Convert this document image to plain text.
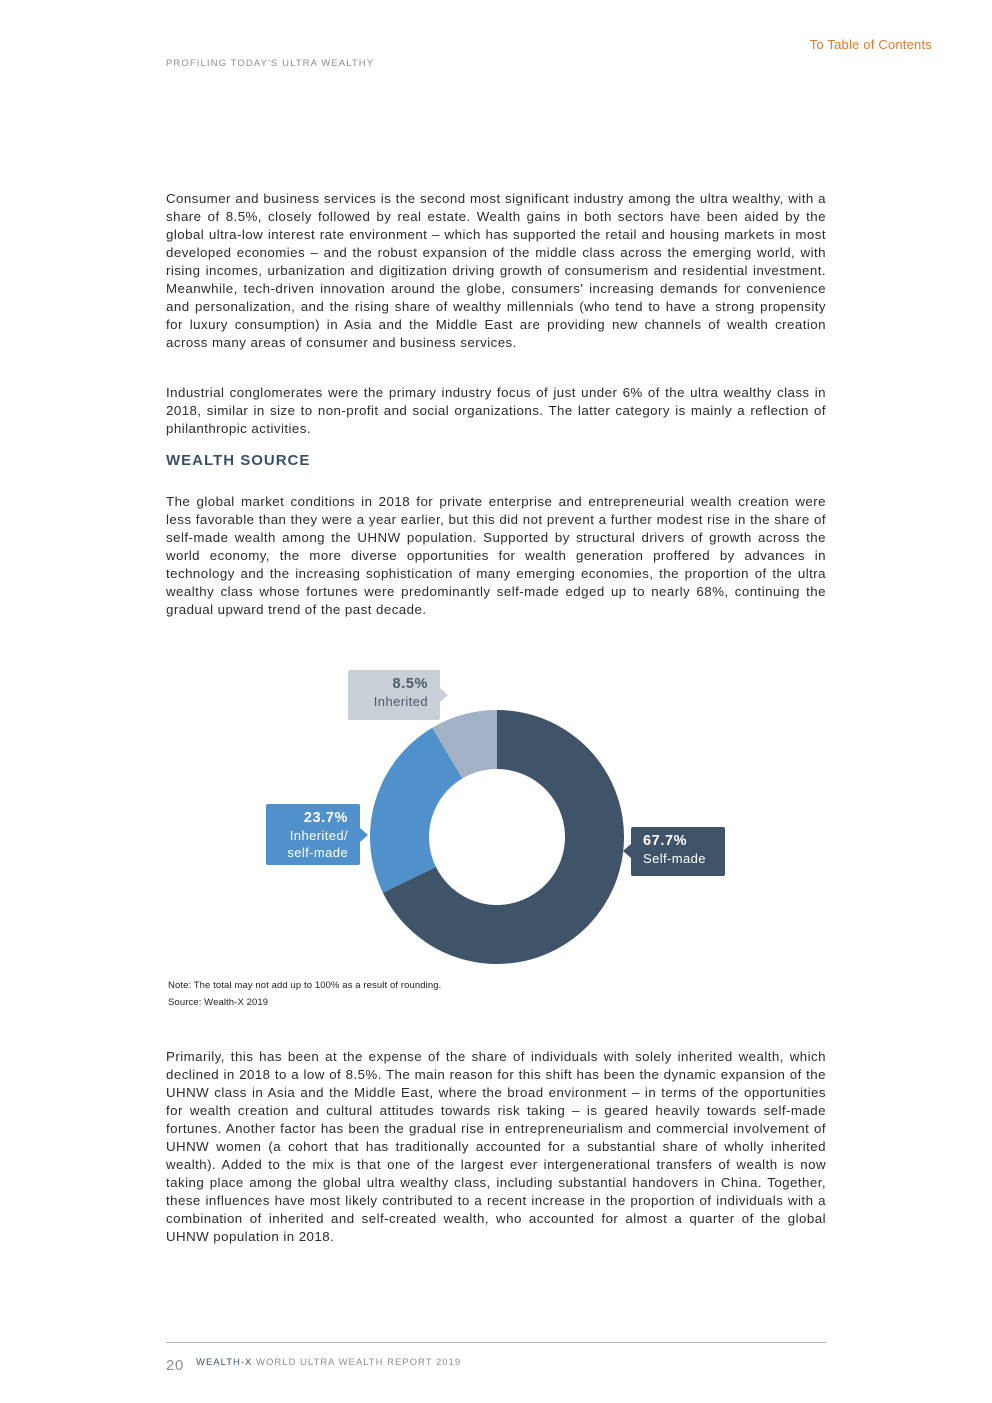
To Table of Contents
PROFILING TODAY'S ULTRA WEALTHY

Consumer and business services is the second most significant industry among the ultra wealthy, with a share of 8.5%, closely followed by real estate. Wealth gains in both sectors have been aided by the global ultra-low interest rate environment – which has supported the retail and housing markets in most developed economies – and the robust expansion of the middle class across the emerging world, with rising incomes, urbanization and digitization driving growth of consumerism and residential investment. Meanwhile, tech-driven innovation around the globe, consumers' increasing demands for convenience and personalization, and the rising share of wealthy millennials (who tend to have a strong propensity for luxury consumption) in Asia and the Middle East are providing new channels of wealth creation across many areas of consumer and business services.

Industrial conglomerates were the primary industry focus of just under 6% of the ultra wealthy class in 2018, similar in size to non-profit and social organizations. The latter category is mainly a reflection of philanthropic activities.

WEALTH SOURCE

The global market conditions in 2018 for private enterprise and entrepreneurial wealth creation were less favorable than they were a year earlier, but this did not prevent a further modest rise in the share of self-made wealth among the UHNW population. Supported by structural drivers of growth across the world economy, the more diverse opportunities for wealth generation proffered by advances in technology and the increasing sophistication of many emerging economies, the proportion of the ultra wealthy class whose fortunes were predominantly self-made edged up to nearly 68%, continuing the gradual upward trend of the past decade.

8.5%
Inherited
23.7%
Inherited/
self-made
67.7%
Self-made
Note: The total may not add up to 100% as a result of rounding.
Source: Wealth-X 2019

Primarily, this has been at the expense of the share of individuals with solely inherited wealth, which declined in 2018 to a low of 8.5%. The main reason for this shift has been the dynamic expansion of the UHNW class in Asia and the Middle East, where the broad environment – in terms of the opportunities for wealth creation and cultural attitudes towards risk taking – is geared heavily towards self-made fortunes. Another factor has been the gradual rise in entrepreneurialism and commercial involvement of UHNW women (a cohort that has traditionally accounted for a substantial share of wholly inherited wealth). Added to the mix is that one of the largest ever intergenerational transfers of wealth is now taking place among the global ultra wealthy class, including substantial handovers in China. Together, these influences have most likely contributed to a recent increase in the proportion of individuals with a combination of inherited and self-created wealth, who accounted for almost a quarter of the global UHNW population in 2018.

20 WEALTH-X WORLD ULTRA WEALTH REPORT 2019
